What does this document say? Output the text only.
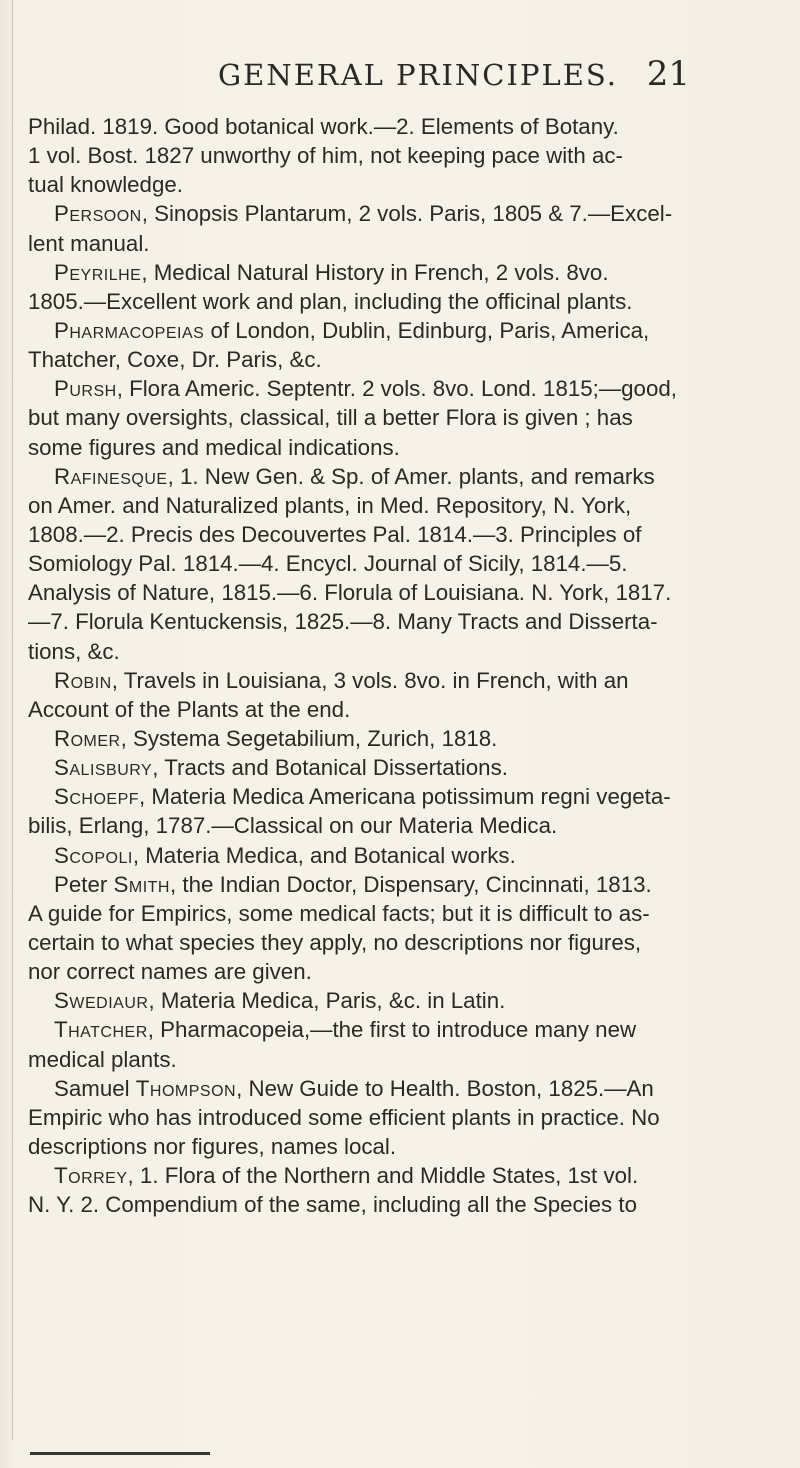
GENERAL PRINCIPLES. 21
Philad. 1819. Good botanical work.—2. Elements of Botany.
1 vol. Bost. 1827 unworthy of him, not keeping pace with ac-
tual knowledge.
Persoon, Sinopsis Plantarum, 2 vols. Paris, 1805 & 7.—Excel-
lent manual.
Peyrilhe, Medical Natural History in French, 2 vols. 8vo.
1805.—Excellent work and plan, including the officinal plants.
Pharmacopeias of London, Dublin, Edinburg, Paris, America,
Thatcher, Coxe, Dr. Paris, &c.
Pursh, Flora Americ. Septentr. 2 vols. 8vo. Lond. 1815;—good,
but many oversights, classical, till a better Flora is given ; has
some figures and medical indications.
Rafinesque, 1. New Gen. & Sp. of Amer. plants, and remarks
on Amer. and Naturalized plants, in Med. Repository, N. York,
1808.—2. Precis des Decouvertes Pal. 1814.—3. Principles of
Somiology Pal. 1814.—4. Encycl. Journal of Sicily, 1814.—5.
Analysis of Nature, 1815.—6. Florula of Louisiana. N. York, 1817.
—7. Florula Kentuckensis, 1825.—8. Many Tracts and Disserta-
tions, &c.
Robin, Travels in Louisiana, 3 vols. 8vo. in French, with an
Account of the Plants at the end.
Romer, Systema Segetabilium, Zurich, 1818.
Salisbury, Tracts and Botanical Dissertations.
Schoepf, Materia Medica Americana potissimum regni vegeta-
bilis, Erlang, 1787.—Classical on our Materia Medica.
Scopoli, Materia Medica, and Botanical works.
Peter Smith, the Indian Doctor, Dispensary, Cincinnati, 1813.
A guide for Empirics, some medical facts; but it is difficult to as-
certain to what species they apply, no descriptions nor figures,
nor correct names are given.
Swediaur, Materia Medica, Paris, &c. in Latin.
Thatcher, Pharmacopeia,—the first to introduce many new
medical plants.
Samuel Thompson, New Guide to Health. Boston, 1825.—An
Empiric who has introduced some efficient plants in practice. No
descriptions nor figures, names local.
Torrey, 1. Flora of the Northern and Middle States, 1st vol.
N. Y. 2. Compendium of the same, including all the Species to
